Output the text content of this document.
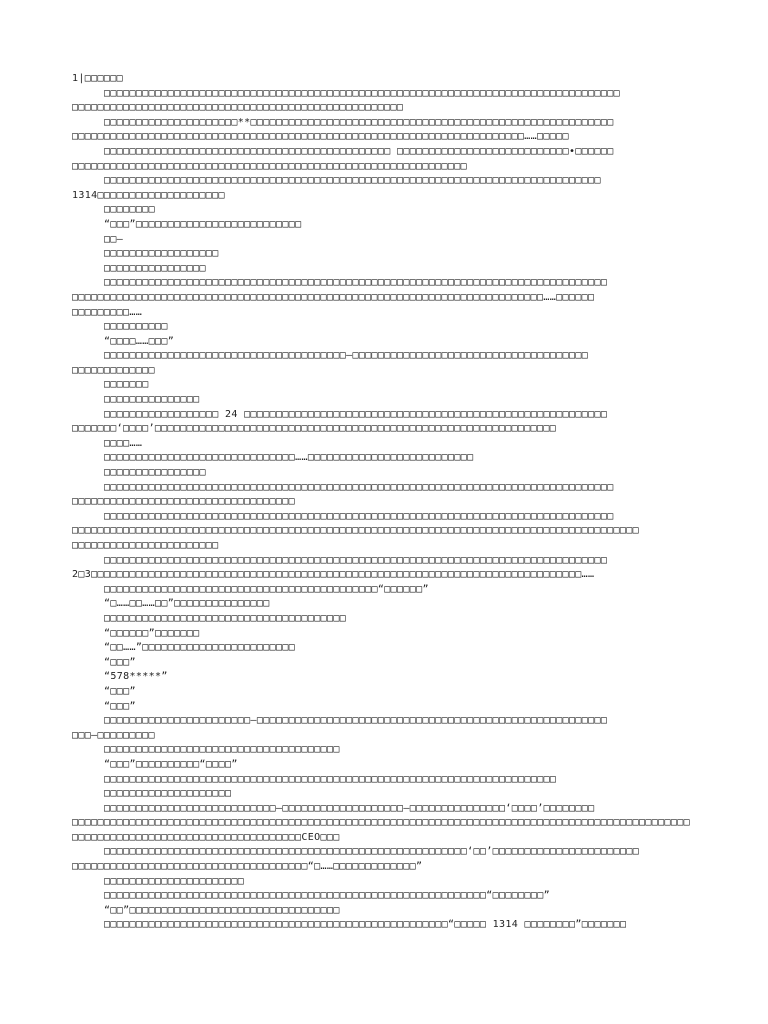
1|□□□□□□
□□□□□□□□□□□□□□□□□□□□□□□□□□□□□□□□□□□□□□□□□□□□□□□□□□□□□□□□□□□□□□□□□□□□□□□□□□□□□□□□□
□□□□□□□□□□□□□□□□□□□□□□□□□□□□□□□□□□□□□□□□□□□□□□□□□□□□
□□□□□□□□□□□□□□□□□□□□□**□□□□□□□□□□□□□□□□□□□□□□□□□□□□□□□□□□□□□□□□□□□□□□□□□□□□□□□□□
□□□□□□□□□□□□□□□□□□□□□□□□□□□□□□□□□□□□□□□□□□□□□□□□□□□□□□□□□□□□□□□□□□□□□□□……□□□□□
□□□□□□□□□□□□□□□□□□□□□□□□□□□□□□□□□□□□□□□□□□□□□ □□□□□□□□□□□□□□□□□□□□□□□□□□□•□□□□□□
□□□□□□□□□□□□□□□□□□□□□□□□□□□□□□□□□□□□□□□□□□□□□□□□□□□□□□□□□□□□□□
□□□□□□□□□□□□□□□□□□□□□□□□□□□□□□□□□□□□□□□□□□□□□□□□□□□□□□□□□□□□□□□□□□□□□□□□□□□□□□
1314□□□□□□□□□□□□□□□□□□□□
□□□□□□□□
“□□□”□□□□□□□□□□□□□□□□□□□□□□□□□□
□□—
□□□□□□□□□□□□□□□□□□
□□□□□□□□□□□□□□□□
□□□□□□□□□□□□□□□□□□□□□□□□□□□□□□□□□□□□□□□□□□□□□□□□□□□□□□□□□□□□□□□□□□□□□□□□□□□□□□□
□□□□□□□□□□□□□□□□□□□□□□□□□□□□□□□□□□□□□□□□□□□□□□□□□□□□□□□□□□□□□□□□□□□□□□□□□□……□□□□□□
□□□□□□□□□……
□□□□□□□□□□
“□□□□……□□□”
□□□□□□□□□□□□□□□□□□□□□□□□□□□□□□□□□□□□□□—□□□□□□□□□□□□□□□□□□□□□□□□□□□□□□□□□□□□□
□□□□□□□□□□□□□
□□□□□□□
□□□□□□□□□□□□□□□
□□□□□□□□□□□□□□□□□□ 24 □□□□□□□□□□□□□□□□□□□□□□□□□□□□□□□□□□□□□□□□□□□□□□□□□□□□□□□□□
□□□□□□□‘□□□□’□□□□□□□□□□□□□□□□□□□□□□□□□□□□□□□□□□□□□□□□□□□□□□□□□□□□□□□□□□□□□□□
□□□□……
□□□□□□□□□□□□□□□□□□□□□□□□□□□□□□……□□□□□□□□□□□□□□□□□□□□□□□□□□
□□□□□□□□□□□□□□□□
□□□□□□□□□□□□□□□□□□□□□□□□□□□□□□□□□□□□□□□□□□□□□□□□□□□□□□□□□□□□□□□□□□□□□□□□□□□□□□□□
□□□□□□□□□□□□□□□□□□□□□□□□□□□□□□□□□□□
□□□□□□□□□□□□□□□□□□□□□□□□□□□□□□□□□□□□□□□□□□□□□□□□□□□□□□□□□□□□□□□□□□□□□□□□□□□□□□□□
□□□□□□□□□□□□□□□□□□□□□□□□□□□□□□□□□□□□□□□□□□□□□□□□□□□□□□□□□□□□□□□□□□□□□□□□□□□□□□□□□□□□□□□□□
□□□□□□□□□□□□□□□□□□□□□□□
□□□□□□□□□□□□□□□□□□□□□□□□□□□□□□□□□□□□□□□□□□□□□□□□□□□□□□□□□□□□□□□□□□□□□□□□□□□□□□□
2□3□□□□□□□□□□□□□□□□□□□□□□□□□□□□□□□□□□□□□□□□□□□□□□□□□□□□□□□□□□□□□□□□□□□□□□□□□□□□□……
□□□□□□□□□□□□□□□□□□□□□□□□□□□□□□□□□□□□□□□□□□□“□□□□□□”
“□……□□……□□”□□□□□□□□□□□□□□□
□□□□□□□□□□□□□□□□□□□□□□□□□□□□□□□□□□□□□□
“□□□□□□”□□□□□□□
“□□……”□□□□□□□□□□□□□□□□□□□□□□□□
“□□□”
“578*****”
“□□□”
“□□□”
□□□□□□□□□□□□□□□□□□□□□□□—□□□□□□□□□□□□□□□□□□□□□□□□□□□□□□□□□□□□□□□□□□□□□□□□□□□□□□□
□□□—□□□□□□□□□
□□□□□□□□□□□□□□□□□□□□□□□□□□□□□□□□□□□□□
“□□□”□□□□□□□□□□“□□□□”
□□□□□□□□□□□□□□□□□□□□□□□□□□□□□□□□□□□□□□□□□□□□□□□□□□□□□□□□□□□□□□□□□□□□□□□
□□□□□□□□□□□□□□□□□□□□
□□□□□□□□□□□□□□□□□□□□□□□□□□□—□□□□□□□□□□□□□□□□□□□—□□□□□□□□□□□□□□□‘□□□□’□□□□□□□□
□□□□□□□□□□□□□□□□□□□□□□□□□□□□□□□□□□□□□□□□□□□□□□□□□□□□□□□□□□□□□□□□□□□□□□□□□□□□□□□□□□□□□□□□□□□□□□□□□
□□□□□□□□□□□□□□□□□□□□□□□□□□□□□□□□□□□□CEO□□□
□□□□□□□□□□□□□□□□□□□□□□□□□□□□□□□□□□□□□□□□□□□□□□□□□□□□□□□□□‘□□’□□□□□□□□□□□□□□□□□□□□□□□
□□□□□□□□□□□□□□□□□□□□□□□□□□□□□□□□□□□□□“□……□□□□□□□□□□□□□”
□□□□□□□□□□□□□□□□□□□□□□
□□□□□□□□□□□□□□□□□□□□□□□□□□□□□□□□□□□□□□□□□□□□□□□□□□□□□□□□□□□□“□□□□□□□□”
“□□”□□□□□□□□□□□□□□□□□□□□□□□□□□□□□□□□□
□□□□□□□□□□□□□□□□□□□□□□□□□□□□□□□□□□□□□□□□□□□□□□□□□□□□□□“□□□□□ 1314 □□□□□□□□”□□□□□□□
